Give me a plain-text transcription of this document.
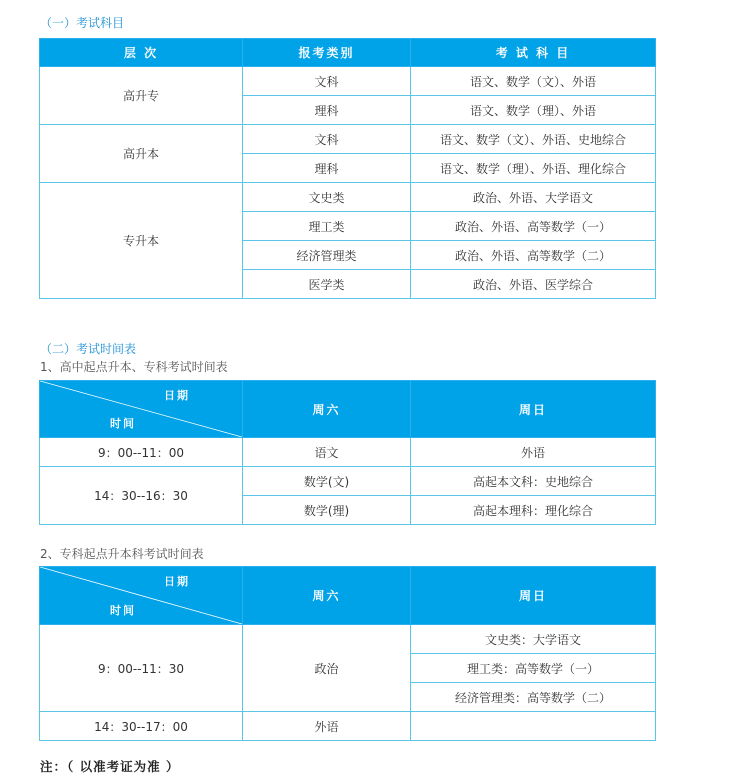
（一）考试科目
层 次	报考类别	考 试 科 目
高升专	文科	语文、数学（文）、外语
	理科	语文、数学（理）、外语
高升本	文科	语文、数学（文）、外语、史地综合
	理科	语文、数学（理）、外语、理化综合
专升本	文史类	政治、外语、大学语文
	理工类	政治、外语、高等数学（一）
	经济管理类	政治、外语、高等数学（二）
	医学类	政治、外语、医学综合
（二）考试时间表
1、高中起点升本、专科考试时间表
日期
时间	周六	周日
9：00--11：00	语文	外语
14：30--16：30	数学(文)	高起本文科：史地综合
	数学(理)	高起本理科：理化综合
2、专科起点升本科考试时间表
日期
时间	周六	周日
9：00--11：30	政治	文史类：大学语文
		理工类：高等数学（一）
		经济管理类：高等数学（二）
14：30--17：00	外语	
注：（ 以准考证为准 ）
